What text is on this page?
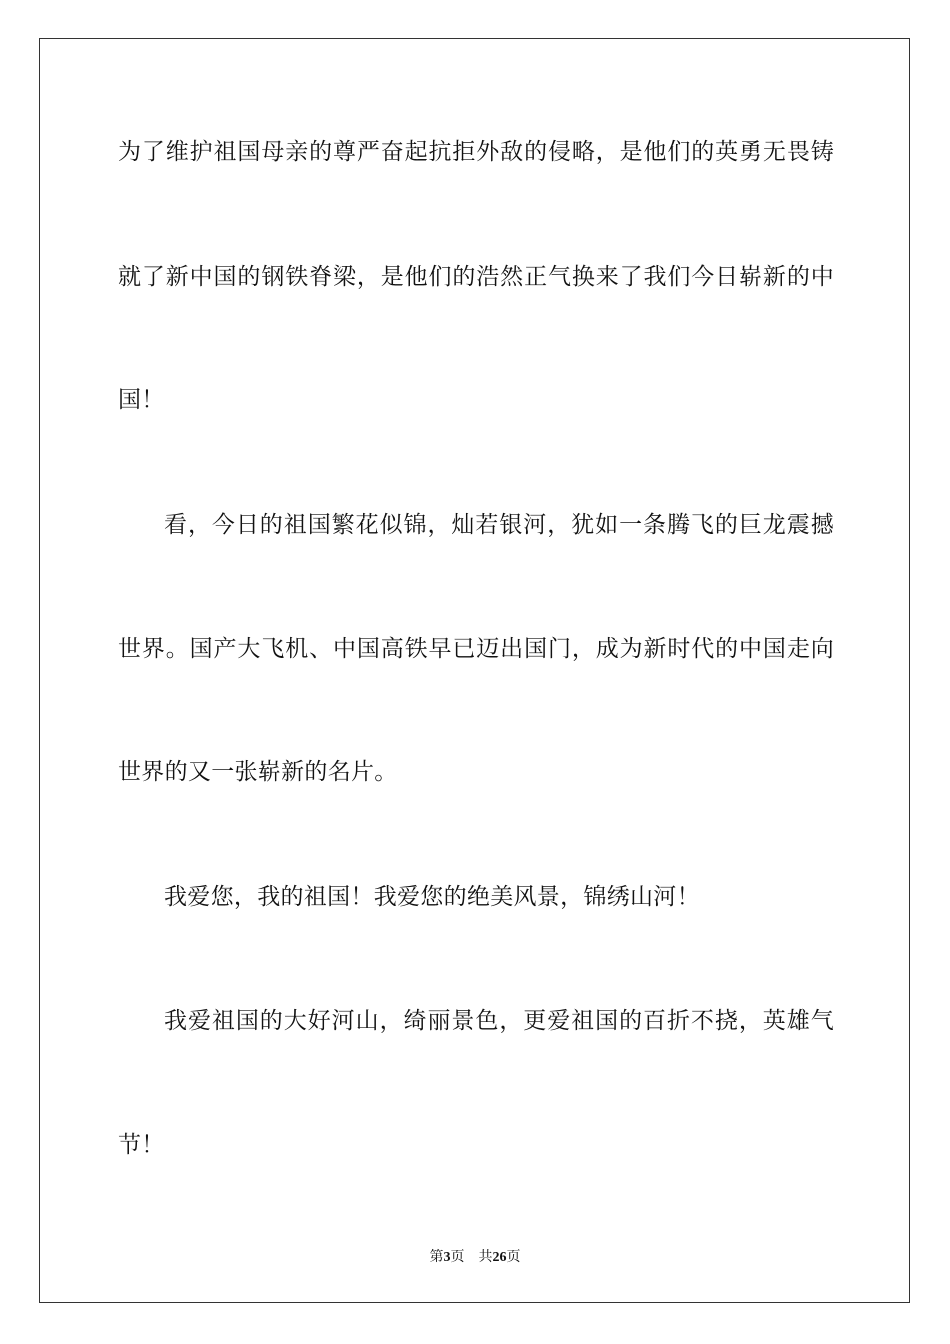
为了维护祖国母亲的尊严奋起抗拒外敌的侵略，是他们的英勇无畏铸
就了新中国的钢铁脊梁，是他们的浩然正气换来了我们今日崭新的中
国！
看，今日的祖国繁花似锦，灿若银河，犹如一条腾飞的巨龙震撼
世界。国产大飞机、中国高铁早已迈出国门，成为新时代的中国走向
世界的又一张崭新的名片。
我爱您，我的祖国！我爱您的绝美风景，锦绣山河！
我爱祖国的大好河山，绮丽景色，更爱祖国的百折不挠，英雄气
节！
第3页 共26页
